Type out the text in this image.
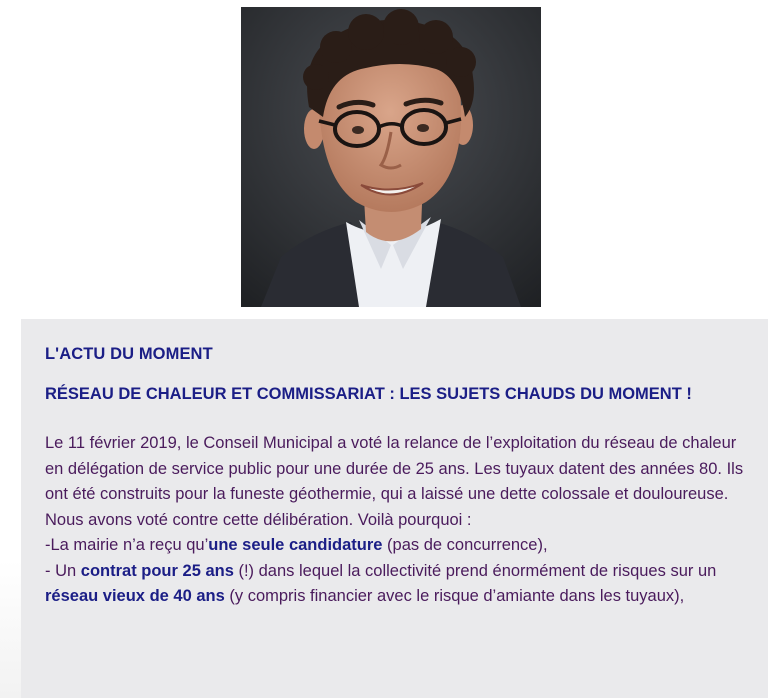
L'ACTU DU MOMENT
RÉSEAU DE CHALEUR ET COMMISSARIAT : LES SUJETS CHAUDS DU MOMENT !

Le 11 février 2019, le Conseil Municipal a voté la relance de l’exploitation du réseau de chaleur en délégation de service public pour une durée de 25 ans. Les tuyaux datent des années 80. Ils ont été construits pour la funeste géothermie, qui a laissé une dette colossale et douloureuse. Nous avons voté contre cette délibération. Voilà pourquoi :

-La mairie n’a reçu qu’une seule candidature (pas de concurrence),

- Un contrat pour 25 ans (!) dans lequel la collectivité prend énormément de risques sur un réseau vieux de 40 ans (y compris financier avec le risque d’amiante dans les tuyaux),
